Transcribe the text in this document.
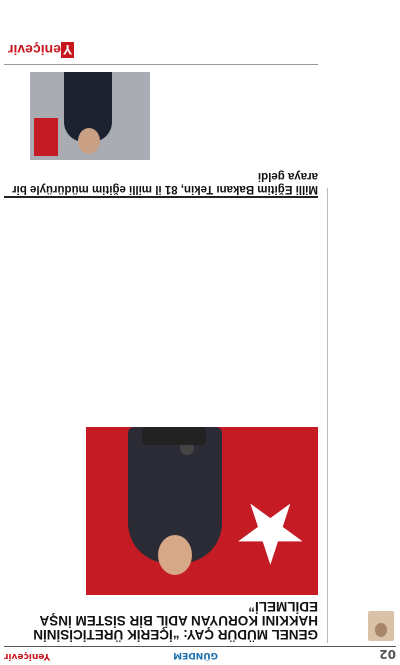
02
GÜNDEM
Yeniçevir

GENEL MÜDÜR ÇAY: “İÇERİK ÜRETİCİSİNİN HAKKINI KORUYAN ADİL BİR SİSTEM İNŞA EDİLMELİ”
★

Milli Eğitim Bakanı Tekin, 81 il milli eğitim müdürüyle bir araya geldi

Yeniçevir
